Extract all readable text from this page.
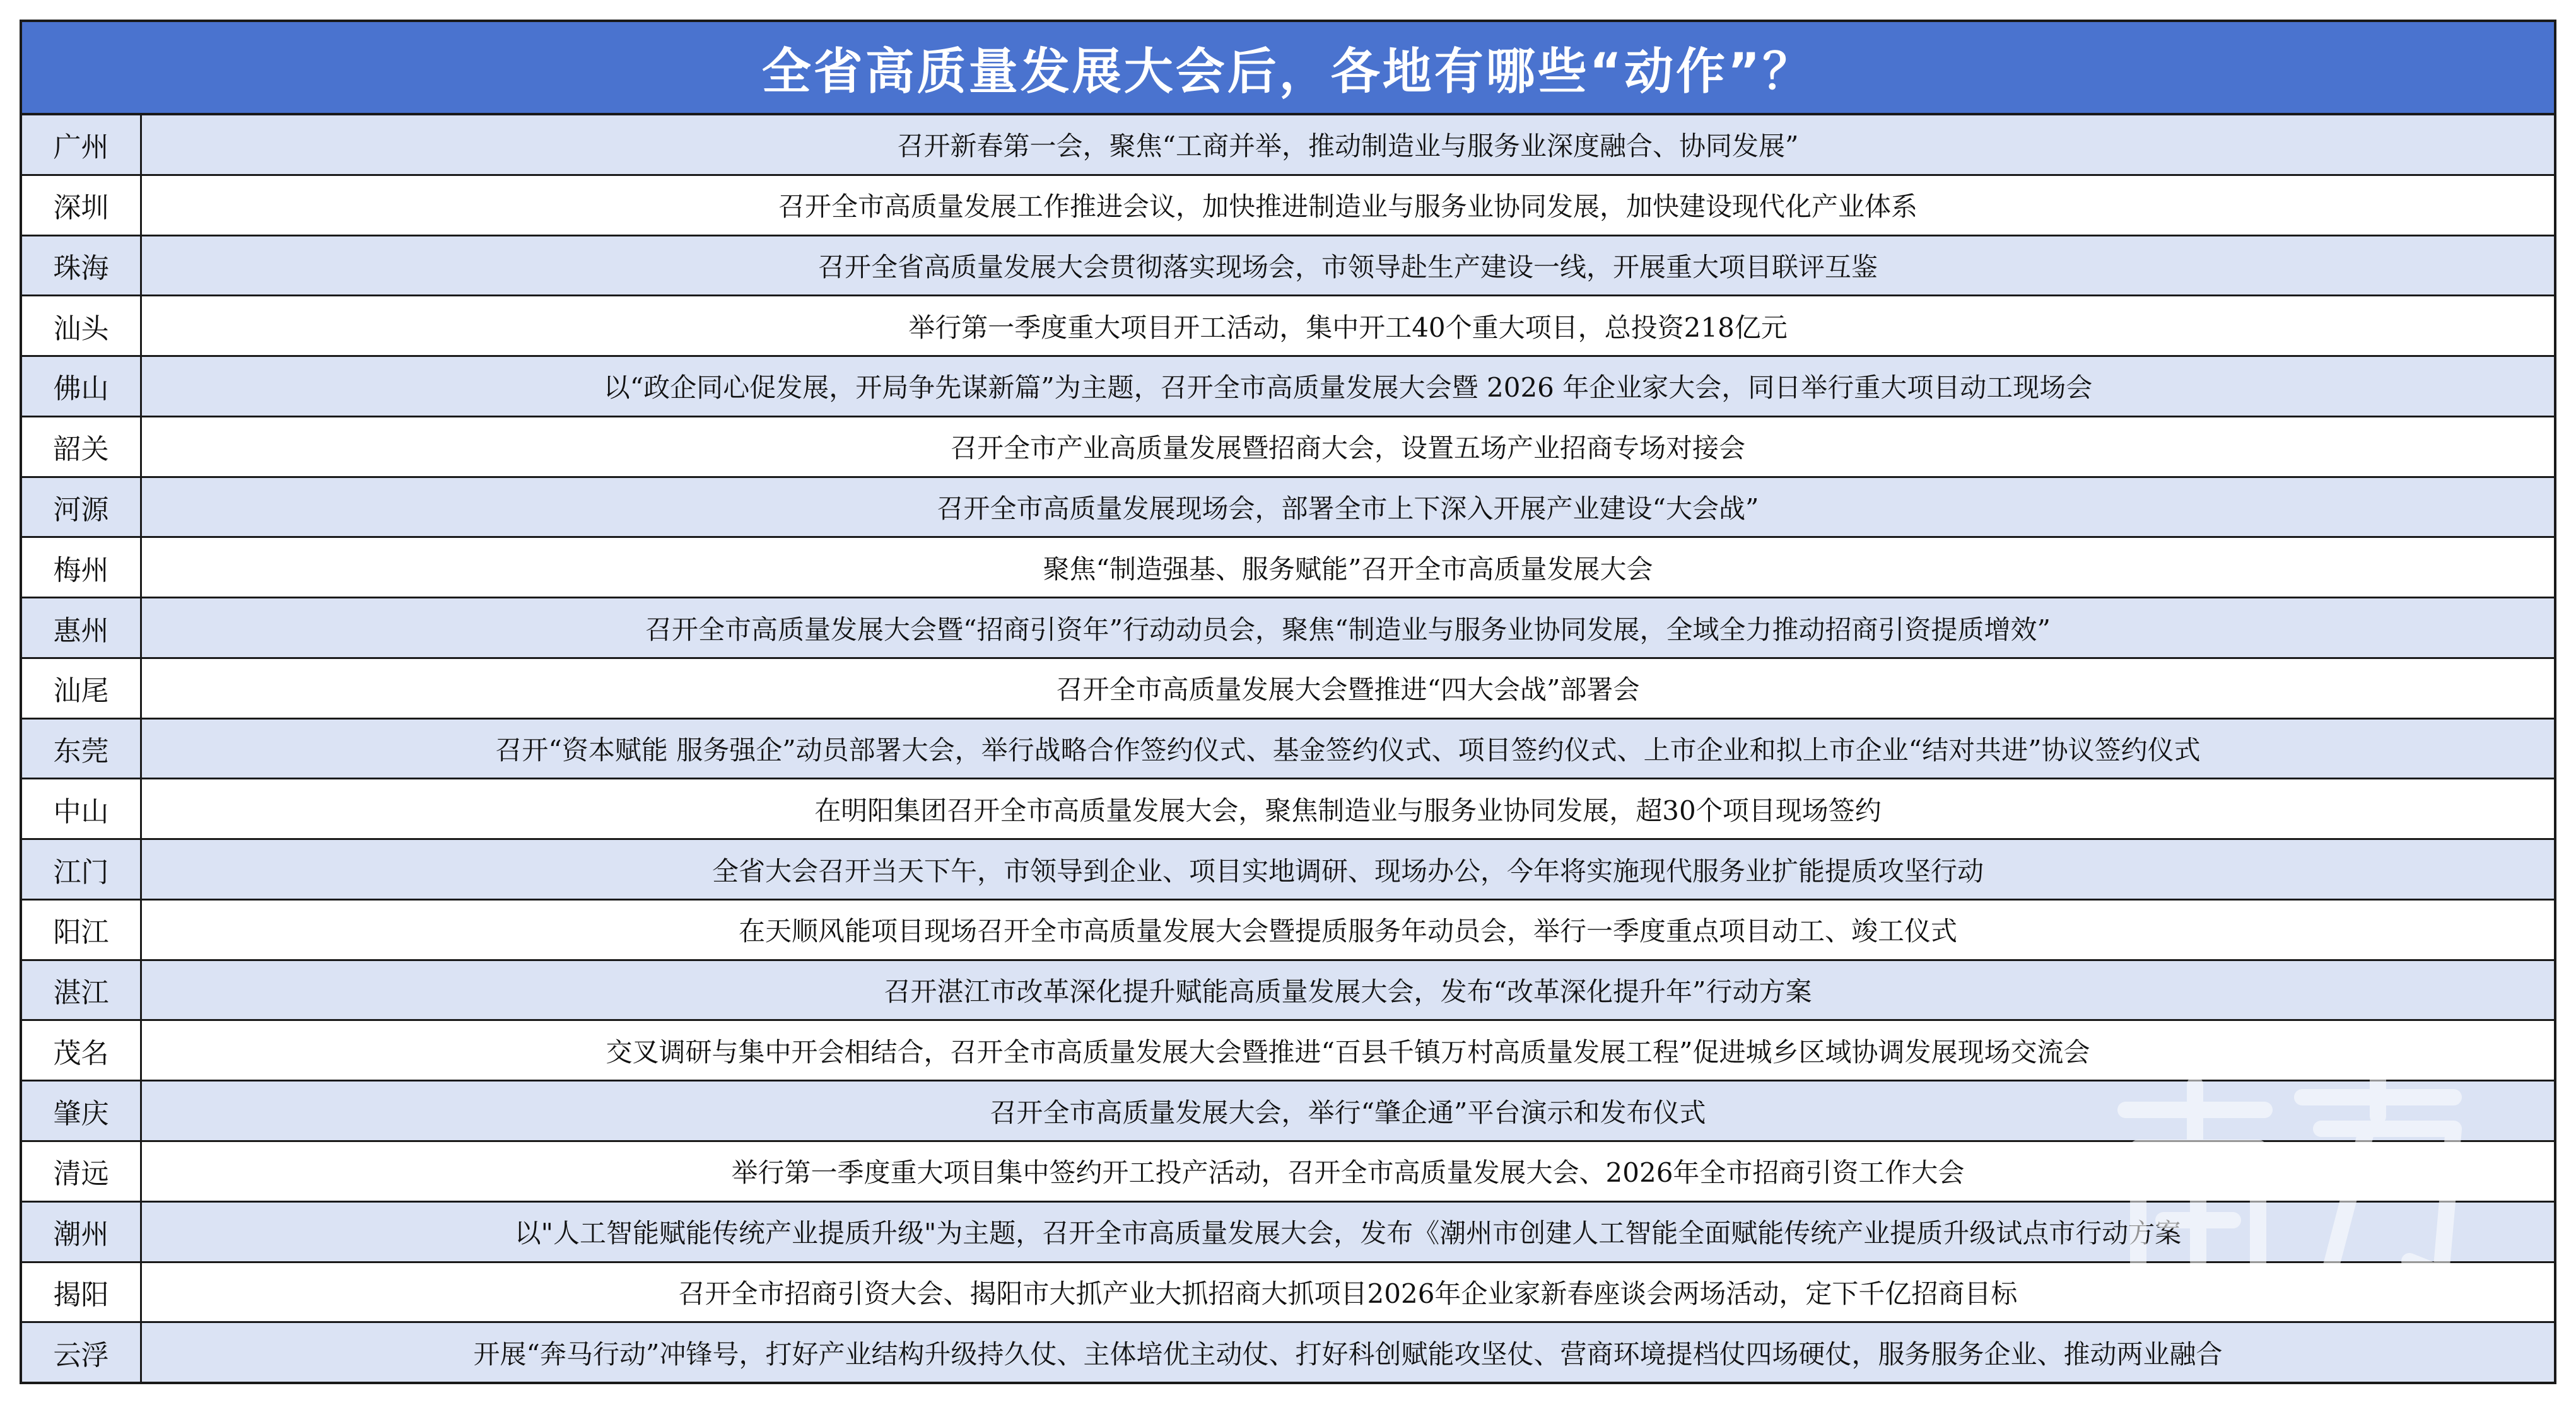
全省高质量发展大会后，各地有哪些“动作”？
广州	召开新春第一会，聚焦“工商并举，推动制造业与服务业深度融合、协同发展”
深圳	召开全市高质量发展工作推进会议，加快推进制造业与服务业协同发展，加快建设现代化产业体系
珠海	召开全省高质量发展大会贯彻落实现场会，市领导赴生产建设一线，开展重大项目联评互鉴
汕头	举行第一季度重大项目开工活动，集中开工40个重大项目，总投资218亿元
佛山	以“政企同心促发展，开局争先谋新篇”为主题，召开全市高质量发展大会暨 2026 年企业家大会，同日举行重大项目动工现场会
韶关	召开全市产业高质量发展暨招商大会，设置五场产业招商专场对接会
河源	召开全市高质量发展现场会，部署全市上下深入开展产业建设“大会战”
梅州	聚焦“制造强基、服务赋能”召开全市高质量发展大会
惠州	召开全市高质量发展大会暨“招商引资年”行动动员会，聚焦“制造业与服务业协同发展，全域全力推动招商引资提质增效”
汕尾	召开全市高质量发展大会暨推进“四大会战”部署会
东莞	召开“资本赋能 服务强企”动员部署大会，举行战略合作签约仪式、基金签约仪式、项目签约仪式、上市企业和拟上市企业“结对共进”协议签约仪式
中山	在明阳集团召开全市高质量发展大会，聚焦制造业与服务业协同发展，超30个项目现场签约
江门	全省大会召开当天下午，市领导到企业、项目实地调研、现场办公，今年将实施现代服务业扩能提质攻坚行动
阳江	在天顺风能项目现场召开全市高质量发展大会暨提质服务年动员会，举行一季度重点项目动工、竣工仪式
湛江	召开湛江市改革深化提升赋能高质量发展大会，发布“改革深化提升年”行动方案
茂名	交叉调研与集中开会相结合，召开全市高质量发展大会暨推进“百县千镇万村高质量发展工程”促进城乡区域协调发展现场交流会
肇庆	召开全市高质量发展大会，举行“肇企通”平台演示和发布仪式
清远	举行第一季度重大项目集中签约开工投产活动，召开全市高质量发展大会、2026年全市招商引资工作大会
潮州	以"人工智能赋能传统产业提质升级"为主题，召开全市高质量发展大会，发布《潮州市创建人工智能全面赋能传统产业提质升级试点市行动方案
揭阳	召开全市招商引资大会、揭阳市大抓产业大抓招商大抓项目2026年企业家新春座谈会两场活动，定下千亿招商目标
云浮	开展“奔马行动”冲锋号，打好产业结构升级持久仗、主体培优主动仗、打好科创赋能攻坚仗、营商环境提档仗四场硬仗，服务服务企业、推动两业融合
